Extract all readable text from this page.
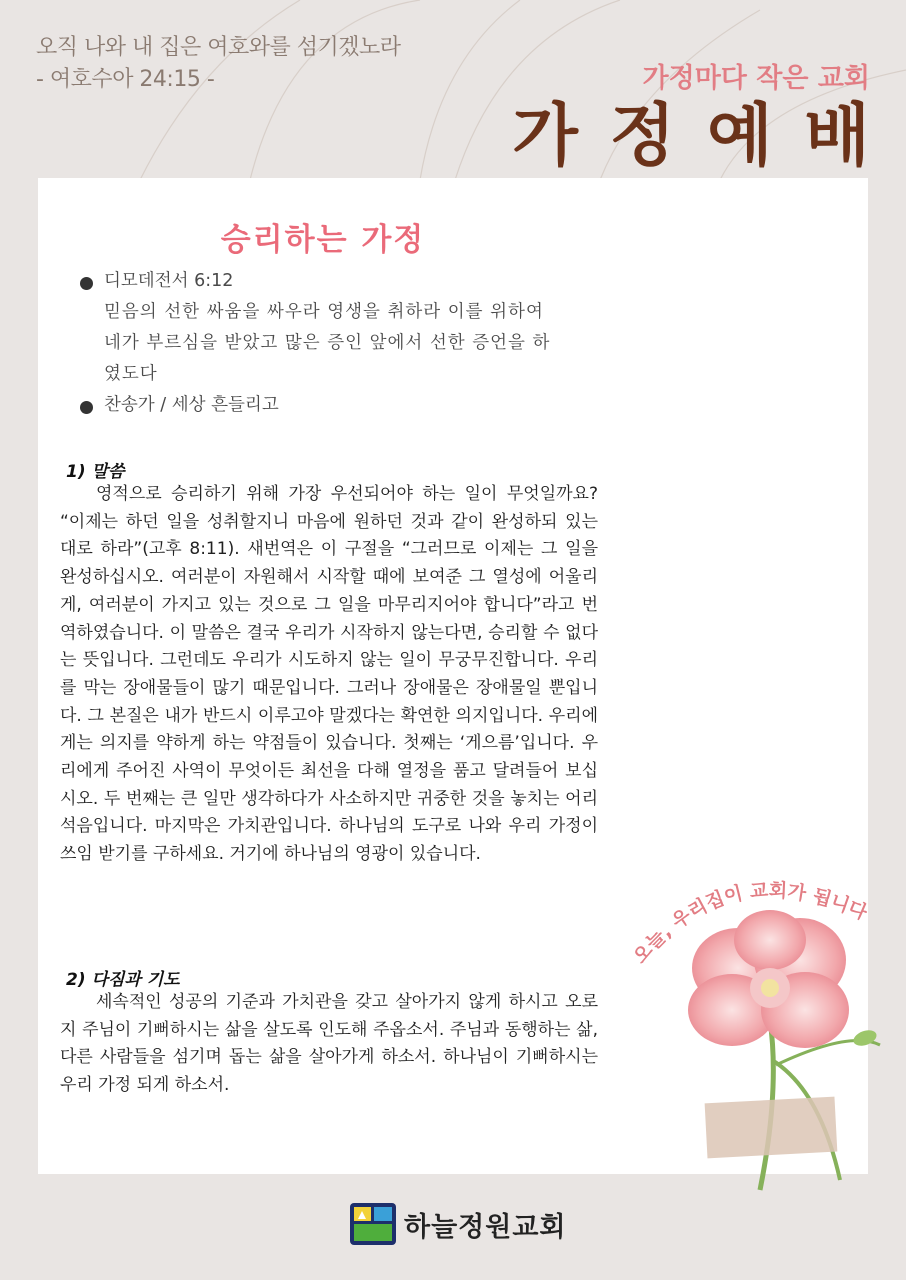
오직 나와 내 집은 여호와를 섬기겠노라
- 여호수아 24:15 -	가정마다 작은 교회
가 정 예 배
승리하는 가정
디모데전서 6:12
믿음의 선한 싸움을 싸우라 영생을 취하라 이를 위하여
네가 부르심을 받았고 많은 증인 앞에서 선한 증언을 하
였도다
찬송가 / 세상 흔들리고
1) 말씀
영적으로 승리하기 위해 가장 우선되어야 하는 일이 무엇일까요? “이제는 하던 일을 성취할지니 마음에 원하던 것과 같이 완성하되 있는 대로 하라”(고후 8:11). 새번역은 이 구절을 “그러므로 이제는 그 일을 완성하십시오. 여러분이 자원해서 시작할 때에 보여준 그 열성에 어울리게, 여러분이 가지고 있는 것으로 그 일을 마무리지어야 합니다”라고 번역하였습니다. 이 말씀은 결국 우리가 시작하지 않는다면, 승리할 수 없다는 뜻입니다. 그런데도 우리가 시도하지 않는 일이 무궁무진합니다. 우리를 막는 장애물들이 많기 때문입니다. 그러나 장애물은 장애물일 뿐입니다. 그 본질은 내가 반드시 이루고야 말겠다는 확연한 의지입니다. 우리에게는 의지를 약하게 하는 약점들이 있습니다. 첫째는 ‘게으름’입니다. 우리에게 주어진 사역이 무엇이든 최선을 다해 열정을 품고 달려들어 보십시오. 두 번째는 큰 일만 생각하다가 사소하지만 귀중한 것을 놓치는 어리석음입니다. 마지막은 가치관입니다. 하나님의 도구로 나와 우리 가정이 쓰임 받기를 구하세요. 거기에 하나님의 영광이 있습니다.
2) 다짐과 기도
세속적인 성공의 기준과 가치관을 갖고 살아가지 않게 하시고 오로지 주님이 기뻐하시는 삶을 살도록 인도해 주옵소서. 주님과 동행하는 삶, 다른 사람들을 섬기며 돕는 삶을 살아가게 하소서. 하나님이 기뻐하시는 우리 가정 되게 하소서.
오늘, 우리집이 교회가 됩니다
하늘정원교회
